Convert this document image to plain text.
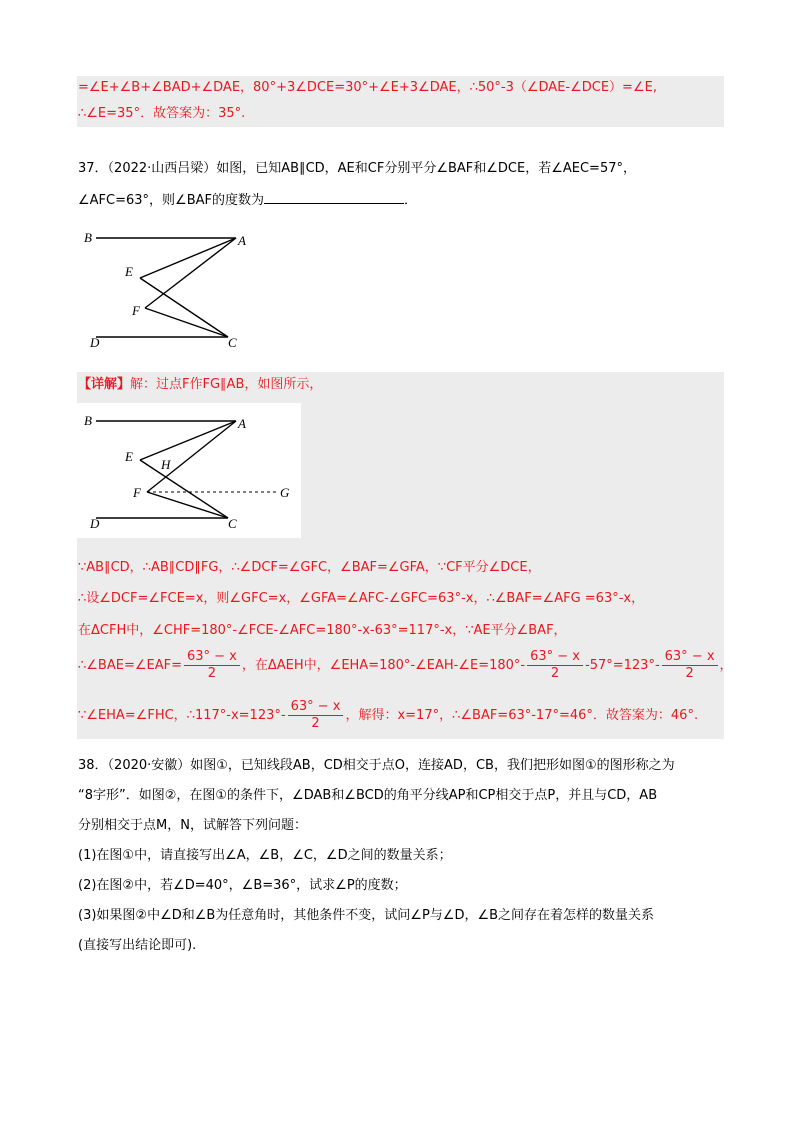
=∠E+∠B+∠BAD+∠DAE，80°+3∠DCE=30°+∠E+3∠DAE，∴50°-3（∠DAE-∠DCE）=∠E,
∴∠E=35°．故答案为：35°.
37．（2022·山西吕梁）如图，已知AB∥CD，AE和CF分别平分∠BAF和∠DCE，若∠AEC=57°，
∠AFC=63°，则∠BAF的度数为	．
B	A
E
F
D	C
【详解】解：过点F作FG∥AB，如图所示，
B	A
E
H
F	G
D	C
∵AB∥CD，∴AB∥CD∥FG，∴∠DCF=∠GFC，∠BAF=∠GFA，∵CF平分∠DCE，
∴设∠DCF=∠FCE=x，则∠GFC=x，∠GFA=∠AFC-∠GFC=63°-x，∴∠BAF=∠AFG =63°-x，
在ΔCFH中，∠CHF=180°-∠FCE-∠AFC=180°-x-63°=117°-x，∵AE平分∠BAF，
∴∠BAE=∠EAF= $\frac{63^\circ - x}{2}$ ，在ΔAEH中，∠EHA=180°-∠EAH-∠E=180°- $\frac{63^\circ - x}{2} -57^\circ=123^\circ- \frac{63^\circ - x}{2}$ ，
∵∠EHA=∠FHC，∴117°-x=123°- $\frac{63^\circ - x}{2}$ ，解得：x=17°，∴∠BAF=63°-17°=46°．故答案为：46°.
38．（2020·安徽）如图①，已知线段AB，CD相交于点O，连接AD，CB，我们把形如图①的图形称之为
“8字形”．如图②，在图①的条件下，∠DAB和∠BCD的角平分线AP和CP相交于点P，并且与CD，AB
分别相交于点M，N，试解答下列问题：
(1)在图①中，请直接写出∠A，∠B，∠C，∠D之间的数量关系；
(2)在图②中，若∠D=40°，∠B=36°，试求∠P的度数；
(3)如果图②中∠D和∠B为任意角时，其他条件不变，试问∠P与∠D，∠B之间存在着怎样的数量关系
(直接写出结论即可).
